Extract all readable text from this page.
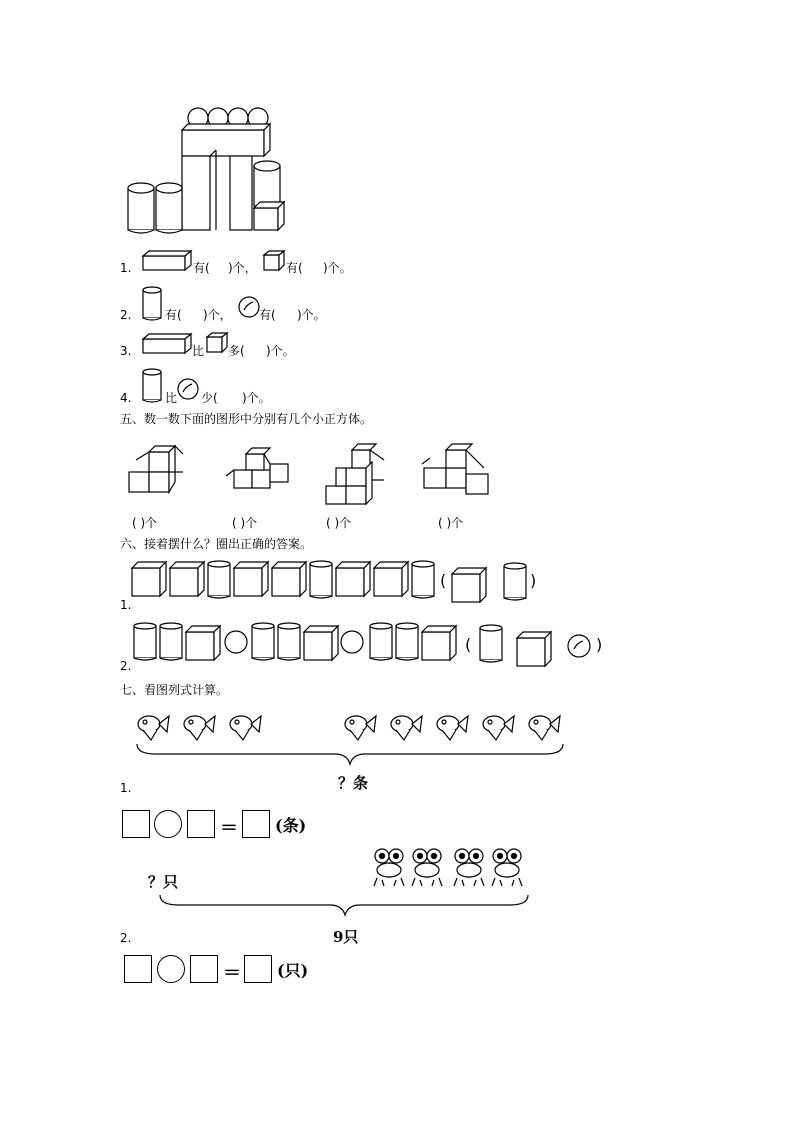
1.	有( )个， 有( )个。
2.	有( )个， 有( )个。
3.	比 多( )个。
4.	比 少( )个。
五、数一数下面的图形中分别有几个小正方体。
( )个	( )个	( )个	( )个
六、接着摆什么？圈出正确的答案。
(	)
1.
(	)
2.
七、看图列式计算。
？条
1.
＝ (条)
？只
9只
2.
＝ (只)
